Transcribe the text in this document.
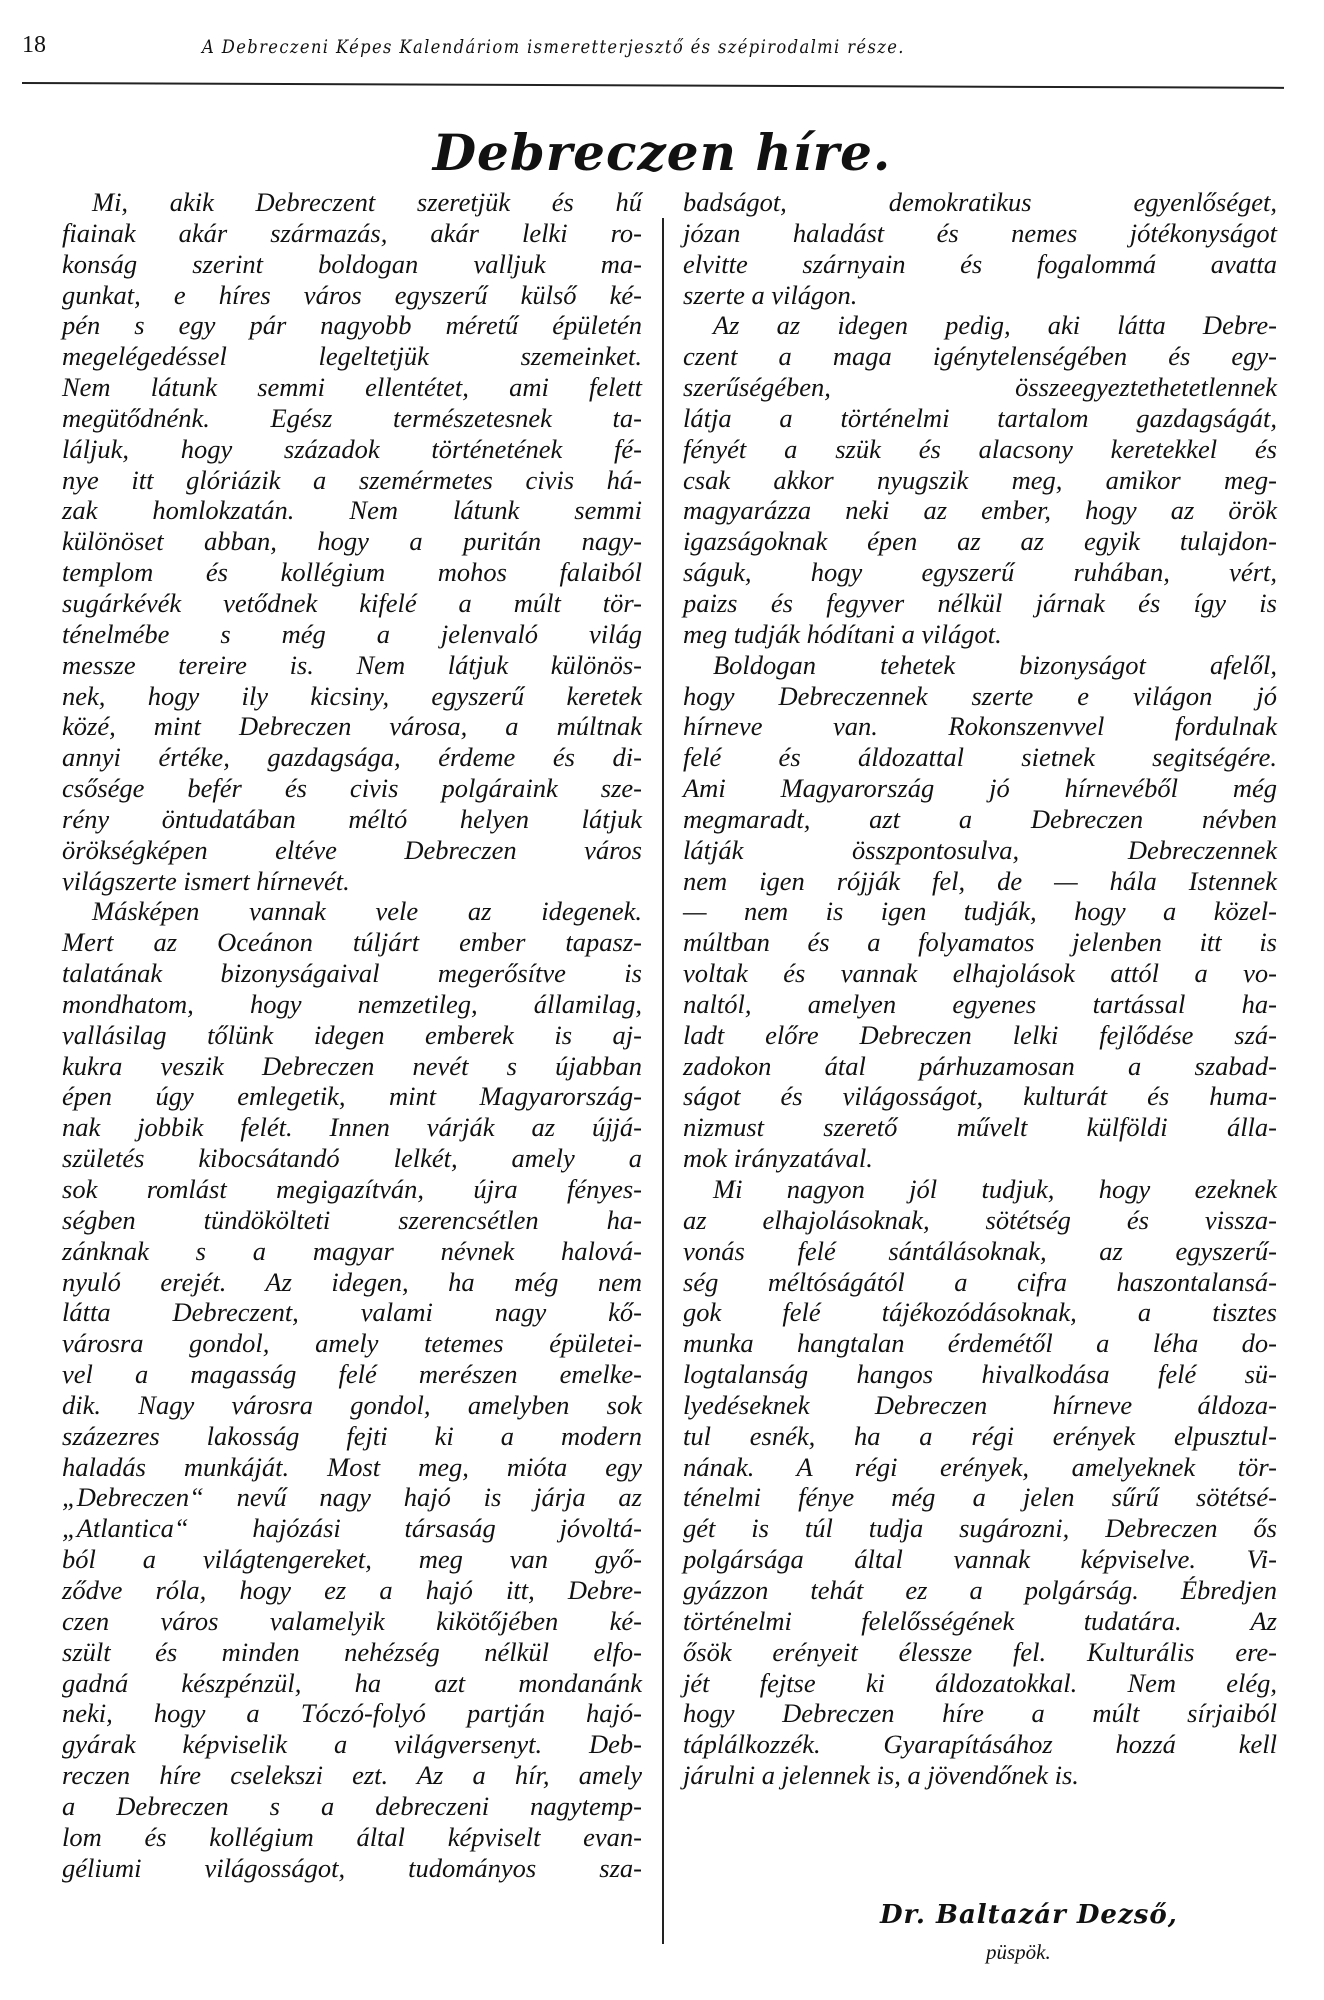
18	A Debreczeni Képes Kalendáriom ismeretterjesztő és szépirodalmi része.
Debreczen híre.
Mi, akik Debreczent szeretjük és hű
fiainak akár származás, akár lelki ro-
konság szerint boldogan valljuk ma-
gunkat, e híres város egyszerű külső ké-
pén s egy pár nagyobb méretű épületén
megelégedéssel legeltetjük szemeinket.
Nem látunk semmi ellentétet, ami felett
megütődnénk. Egész természetesnek ta-
láljuk, hogy századok történetének fé-
nye itt glóriázik a szemérmetes civis há-
zak homlokzatán. Nem látunk semmi
különöset abban, hogy a puritán nagy-
templom és kollégium mohos falaiból
sugárkévék vetődnek kifelé a múlt tör-
ténelmébe s még a jelenvaló világ
messze tereire is. Nem látjuk különös-
nek, hogy ily kicsiny, egyszerű keretek
közé, mint Debreczen városa, a múltnak
annyi értéke, gazdagsága, érdeme és di-
csősége befér és civis polgáraink sze-
rény öntudatában méltó helyen látjuk
örökségképen eltéve Debreczen város
világszerte ismert hírnevét.
Másképen vannak vele az idegenek.
Mert az Oceánon túljárt ember tapasz-
talatának bizonyságaival megerősítve is
mondhatom, hogy nemzetileg, államilag,
vallásilag tőlünk idegen emberek is aj-
kukra veszik Debreczen nevét s újabban
épen úgy emlegetik, mint Magyarország-
nak jobbik felét. Innen várják az újjá-
születés kibocsátandó lelkét, amely a
sok romlást megigazítván, újra fényes-
ségben tündökölteti szerencsétlen ha-
zánknak s a magyar névnek halová-
nyuló erejét. Az idegen, ha még nem
látta Debreczent, valami nagy kő-
városra gondol, amely tetemes épületei-
vel a magasság felé merészen emelke-
dik. Nagy városra gondol, amelyben sok
százezres lakosság fejti ki a modern
haladás munkáját. Most meg, mióta egy
„Debreczen“ nevű nagy hajó is járja az
„Atlantica“ hajózási társaság jóvoltá-
ból a világtengereket, meg van győ-
ződve róla, hogy ez a hajó itt, Debre-
czen város valamelyik kikötőjében ké-
szült és minden nehézség nélkül elfo-
gadná készpénzül, ha azt mondanánk
neki, hogy a Tóczó-folyó partján hajó-
gyárak képviselik a világversenyt. Deb-
reczen híre cselekszi ezt. Az a hír, amely
a Debreczen s a debreczeni nagytemp-
lom és kollégium által képviselt evan-
géliumi világosságot, tudományos sza-
badságot, demokratikus egyenlőséget,
józan haladást és nemes jótékonyságot
elvitte szárnyain és fogalommá avatta
szerte a világon.
Az az idegen pedig, aki látta Debre-
czent a maga igénytelenségében és egy-
szerűségében, összeegyeztethetetlennek
látja a történelmi tartalom gazdagságát,
fényét a szük és alacsony keretekkel és
csak akkor nyugszik meg, amikor meg-
magyarázza neki az ember, hogy az örök
igazságoknak épen az az egyik tulajdon-
ságuk, hogy egyszerű ruhában, vért,
paizs és fegyver nélkül járnak és így is
meg tudják hódítani a világot.
Boldogan tehetek bizonyságot afelől,
hogy Debreczennek szerte e világon jó
hírneve van. Rokonszenvvel fordulnak
felé és áldozattal sietnek segitségére.
Ami Magyarország jó hírnevéből még
megmaradt, azt a Debreczen névben
látják összpontosulva, Debreczennek
nem igen rójják fel, de — hála Istennek
— nem is igen tudják, hogy a közel-
múltban és a folyamatos jelenben itt is
voltak és vannak elhajolások attól a vo-
naltól, amelyen egyenes tartással ha-
ladt előre Debreczen lelki fejlődése szá-
zadokon átal párhuzamosan a szabad-
ságot és világosságot, kulturát és huma-
nizmust szerető művelt külföldi álla-
mok irányzatával.
Mi nagyon jól tudjuk, hogy ezeknek
az elhajolásoknak, sötétség és vissza-
vonás felé sántálásoknak, az egyszerű-
ség méltóságától a cifra haszontalansá-
gok felé tájékozódásoknak, a tisztes
munka hangtalan érdemétől a léha do-
logtalanság hangos hivalkodása felé sü-
lyedéseknek Debreczen hírneve áldoza-
tul esnék, ha a régi erények elpusztul-
nának. A régi erények, amelyeknek tör-
ténelmi fénye még a jelen sűrű sötétsé-
gét is túl tudja sugározni, Debreczen ős
polgársága által vannak képviselve. Vi-
gyázzon tehát ez a polgárság. Ébredjen
történelmi felelősségének tudatára. Az
ősök erényeit élessze fel. Kulturális ere-
jét fejtse ki áldozatokkal. Nem elég,
hogy Debreczen híre a múlt sírjaiból
táplálkozzék. Gyarapításához hozzá kell
járulni a jelennek is, a jövendőnek is.
Dr. Baltazár Dezső,
püspök.
